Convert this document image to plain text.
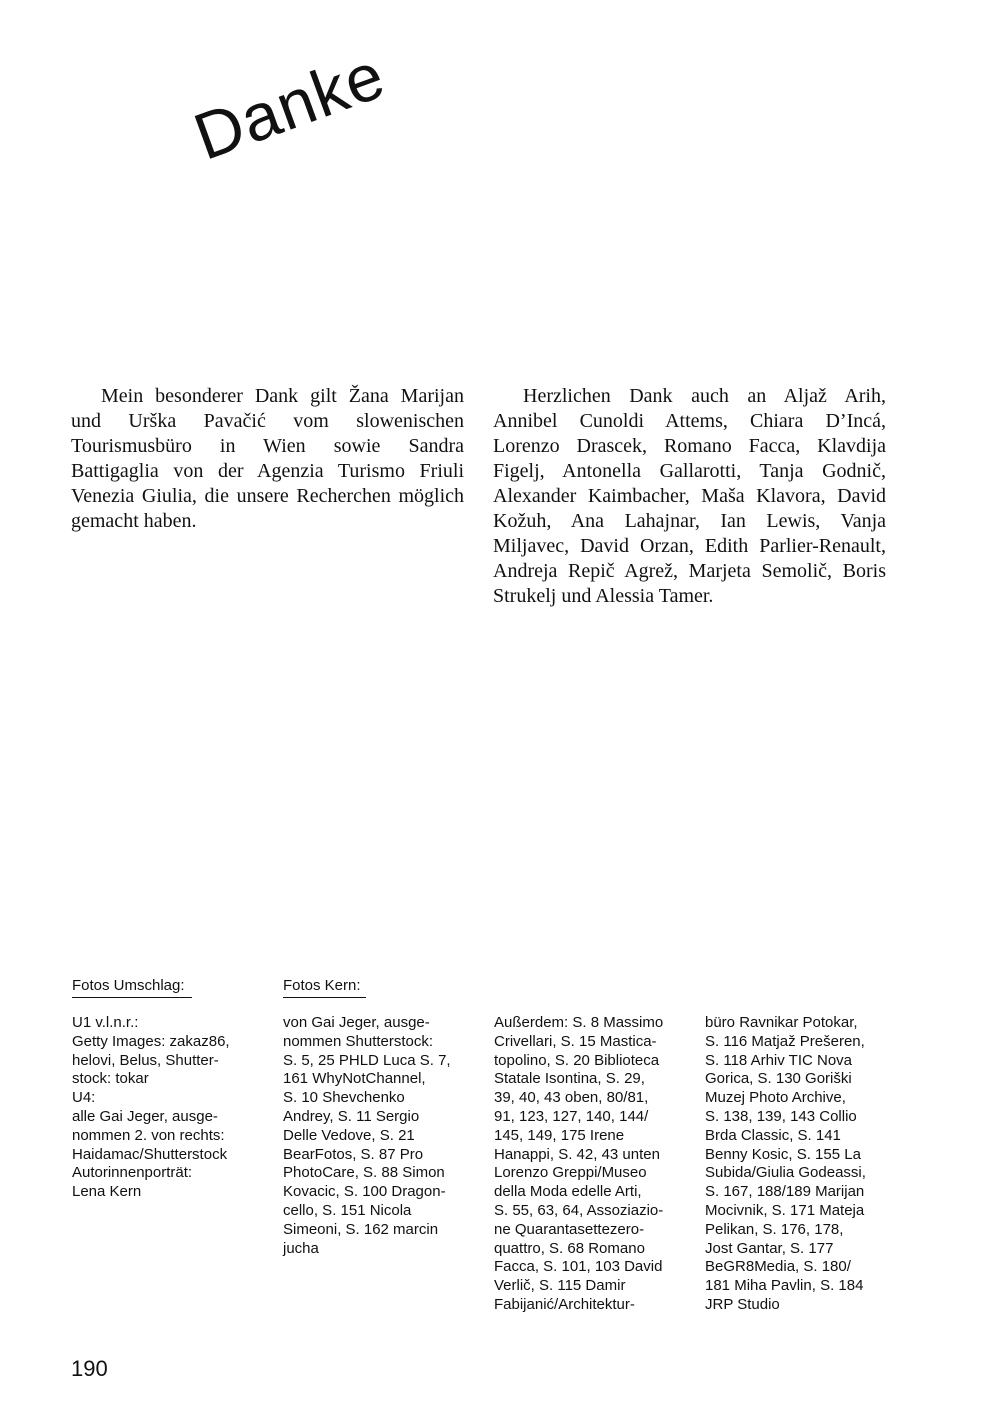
Danke

Mein besonderer Dank gilt Žana Marijan und Urška Pavačić vom slowenischen Tourismusbüro in Wien sowie Sandra Battigaglia von der Agenzia Turismo Friuli Venezia Giulia, die unsere Recherchen möglich gemacht haben.

Herzlichen Dank auch an Aljaž Arih, Annibel Cunoldi Attems, Chiara D’Incá, Lorenzo Drascek, Romano Facca, Klavdija Figelj, Antonella Gallarotti, Tanja Godnič, Alexander Kaimbacher, Maša Klavora, David Kožuh, Ana Lahajnar, Ian Lewis, Vanja Miljavec, David Orzan, Edith Parlier-Renault, Andreja Repič Agrež, Marjeta Semolič, Boris Strukelj und Alessia Tamer.

Fotos Umschlag:	Fotos Kern:
U1 v.l.n.r.:
Getty Images: zakaz86,
helovi, Belus, Shutter-
stock: tokar
U4:
alle Gai Jeger, ausge-
nommen 2. von rechts:
Haidamac/Shutterstock
Autorinnenporträt:
Lena Kern
von Gai Jeger, ausge-
nommen Shutterstock:
S. 5, 25 PHLD Luca S. 7,
161 WhyNotChannel,
S. 10 Shevchenko
Andrey, S. 11 Sergio
Delle Vedove, S. 21
BearFotos, S. 87 Pro
PhotoCare, S. 88 Simon
Kovacic, S. 100 Dragon-
cello, S. 151 Nicola
Simeoni, S. 162 marcin
jucha
Außerdem: S. 8 Massimo
Crivellari, S. 15 Mastica-
topolino, S. 20 Biblioteca
Statale Isontina, S. 29,
39, 40, 43 oben, 80/81,
91, 123, 127, 140, 144/
145, 149, 175 Irene
Hanappi, S. 42, 43 unten
Lorenzo Greppi/Museo
della Moda edelle Arti,
S. 55, 63, 64, Assoziazio-
ne Quarantasettezero-
quattro, S. 68 Romano
Facca, S. 101, 103 David
Verlič, S. 115 Damir
Fabijanić/Architektur-
büro Ravnikar Potokar,
S. 116 Matjaž Prešeren,
S. 118 Arhiv TIC Nova
Gorica, S. 130 Goriški
Muzej Photo Archive,
S. 138, 139, 143 Collio
Brda Classic, S. 141
Benny Kosic, S. 155 La
Subida/Giulia Godeassi,
S. 167, 188/189 Marijan
Mocivnik, S. 171 Mateja
Pelikan, S. 176, 178,
Jost Gantar, S. 177
BeGR8Media, S. 180/
181 Miha Pavlin, S. 184
JRP Studio
190
